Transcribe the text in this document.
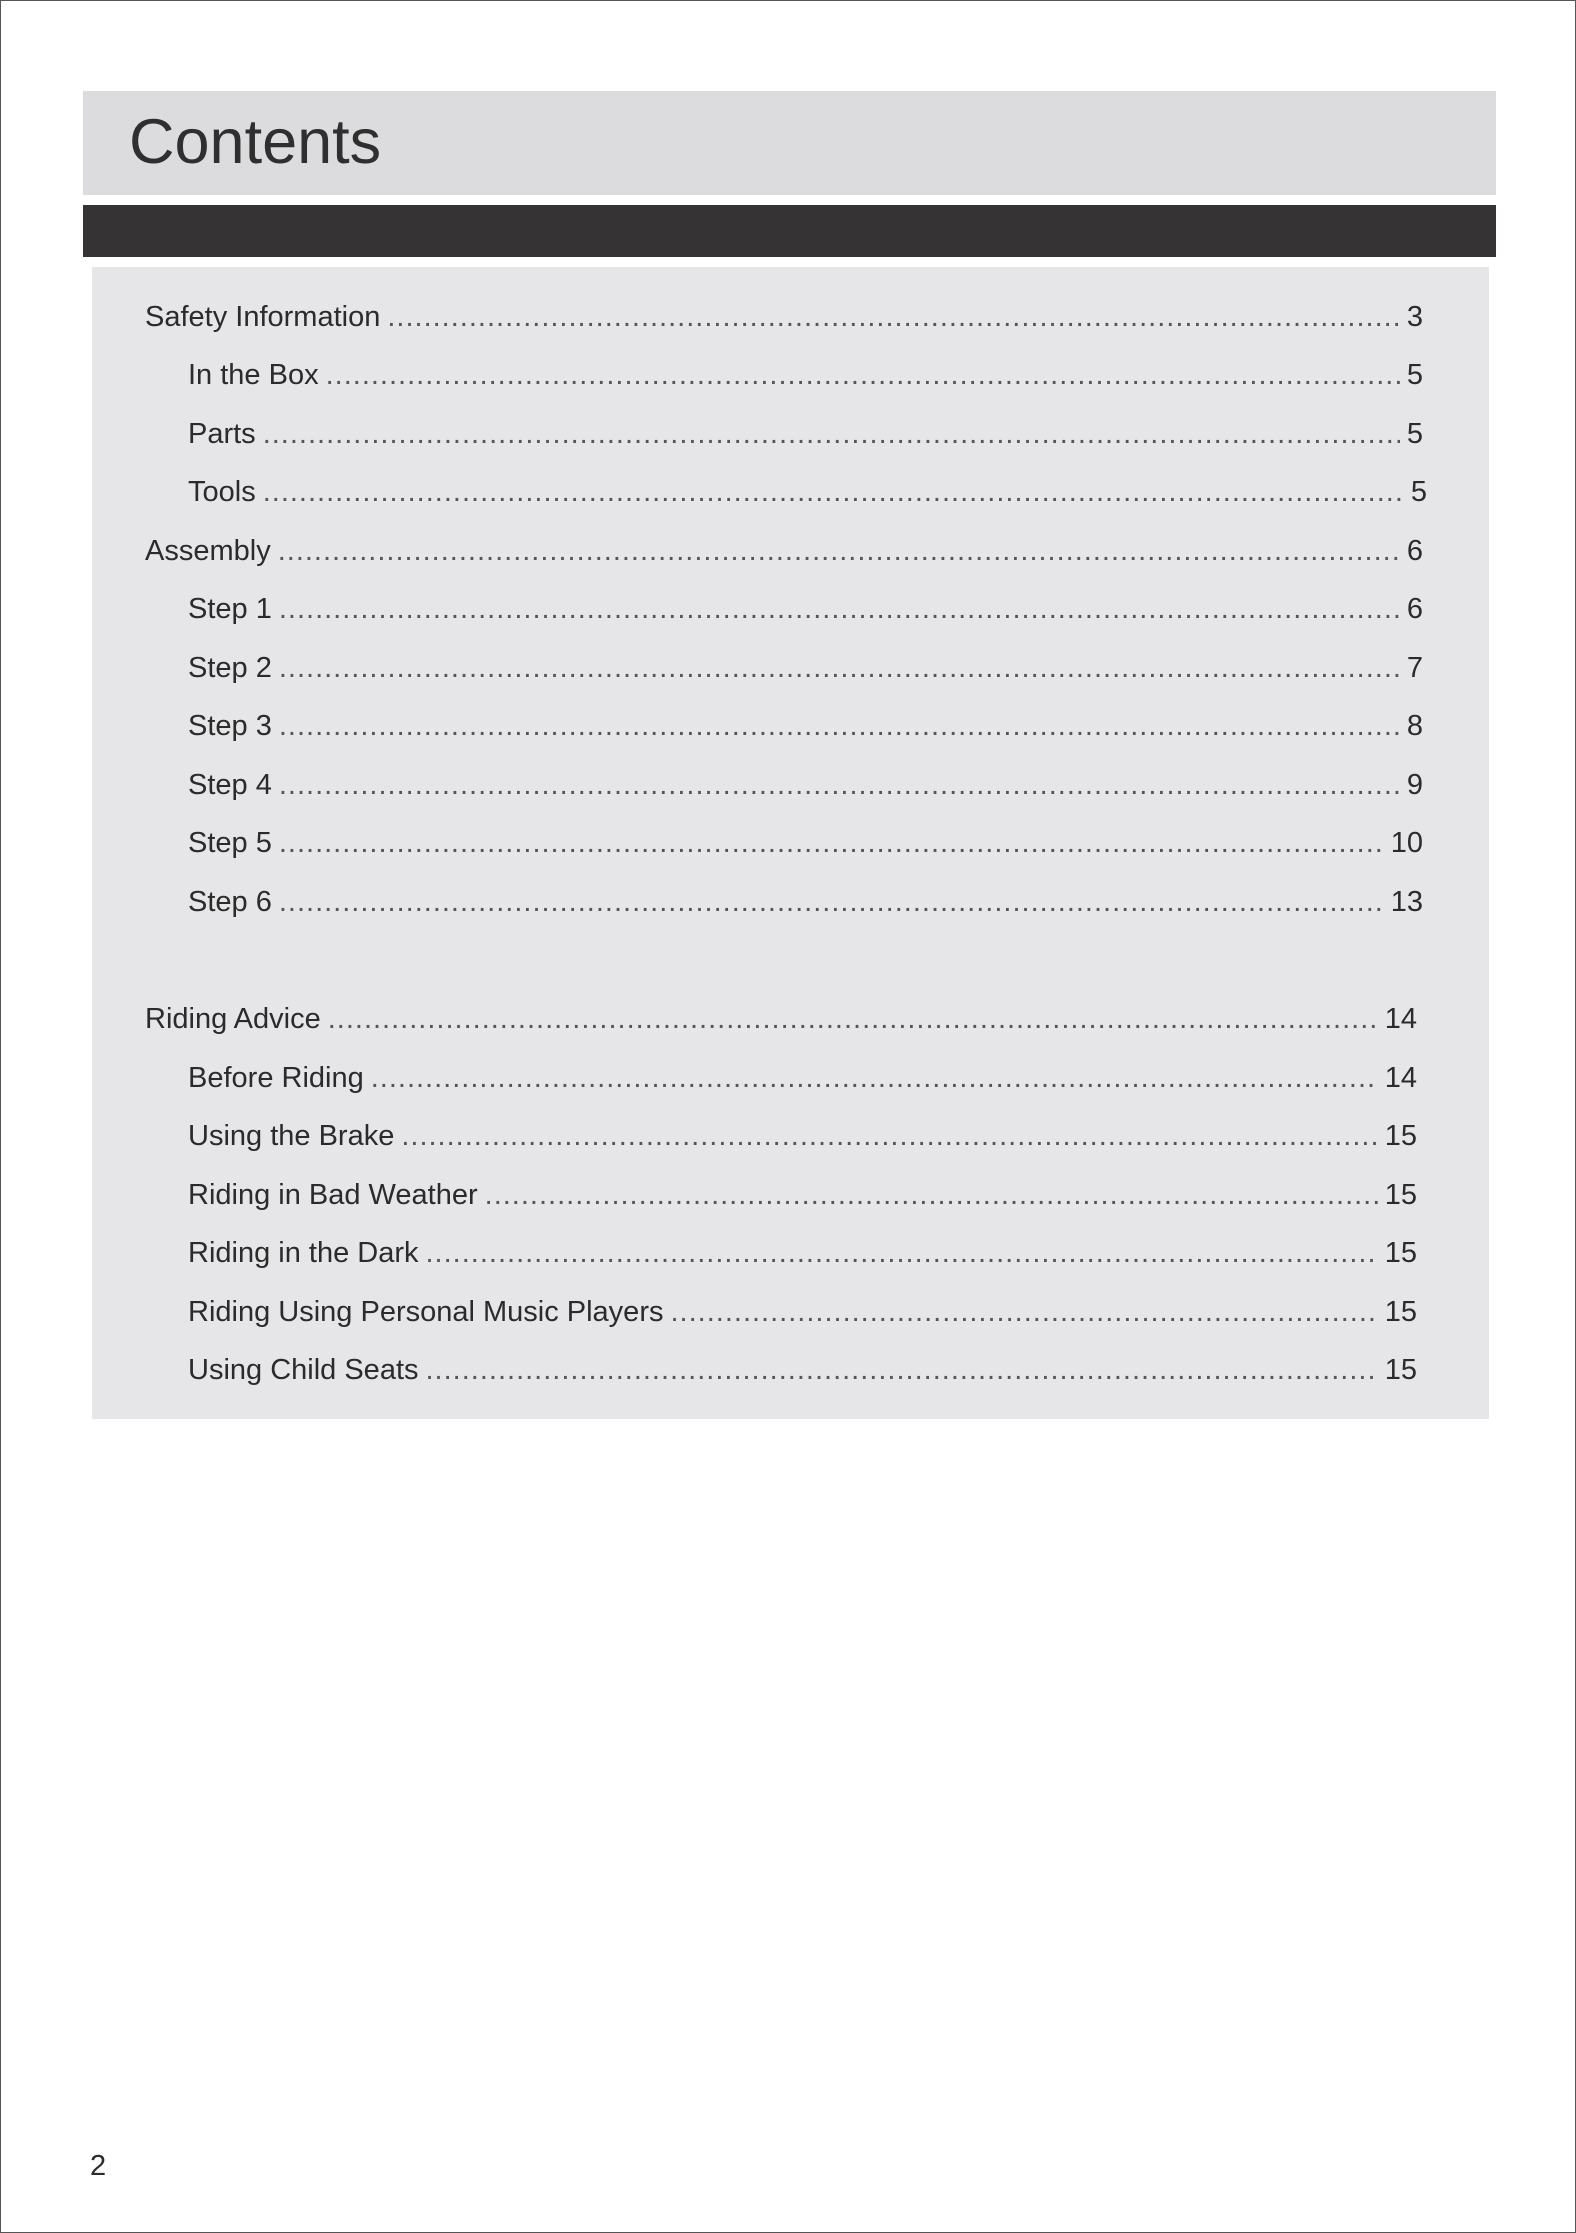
Contents
Safety Information .....	3
In the Box .....	5
Parts .....	5
Tools .....	5
Assembly .....	6
Step 1 .....	6
Step 2 .....	7
Step 3 .....	8
Step 4 .....	9
Step 5 .....	10
Step 6 .....	13
Riding Advice .....	14
Before Riding .....	14
Using the Brake .....	15
Riding in Bad Weather .....	15
Riding in the Dark .....	15
Riding Using Personal Music Players .....	15
Using Child Seats .....	15
2
